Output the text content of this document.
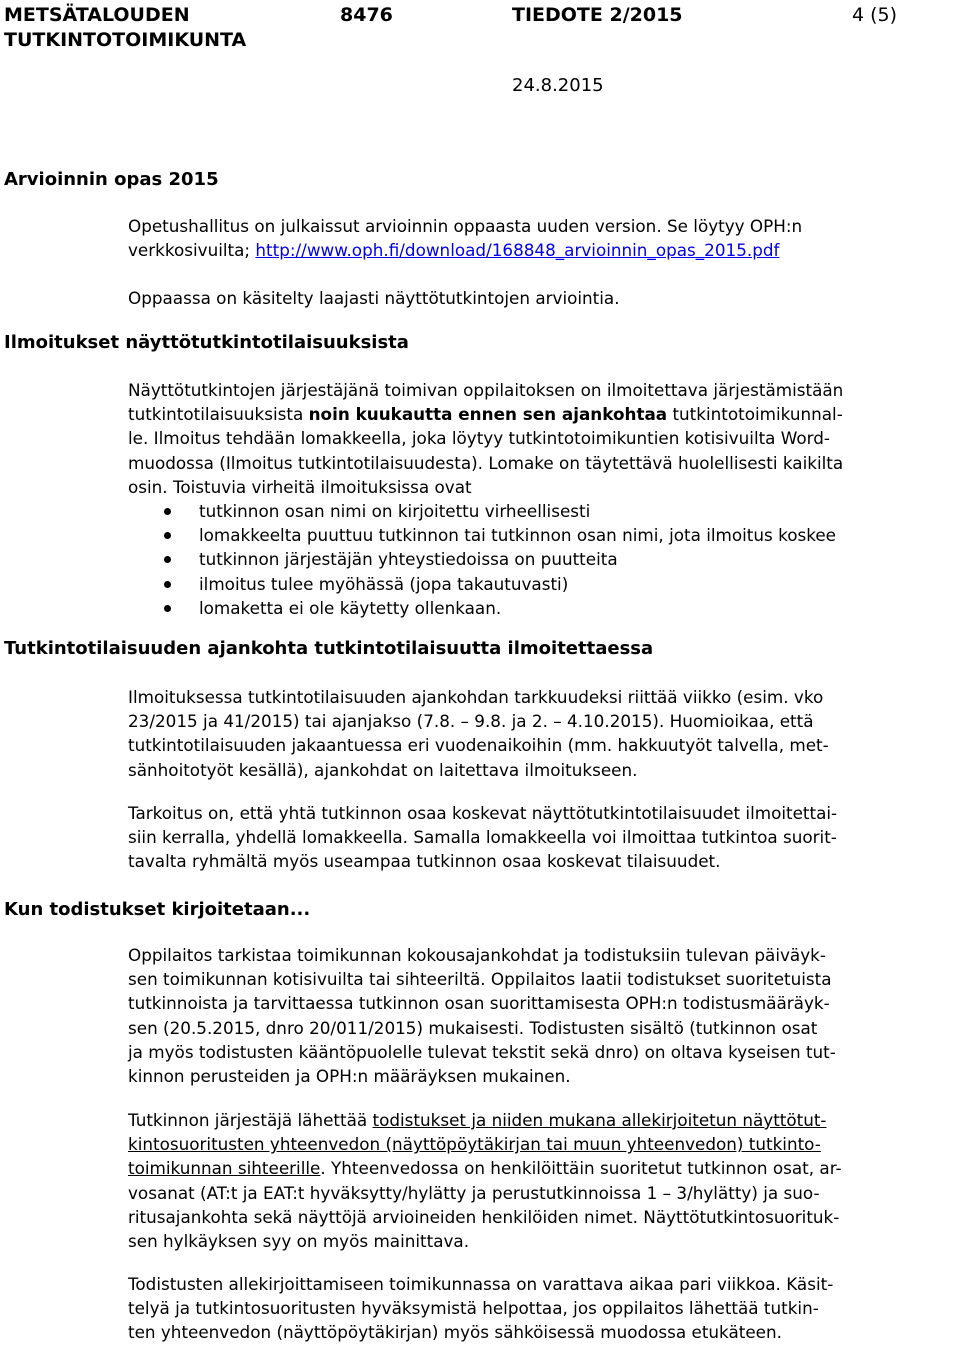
METSÄTALOUDEN
TUTKINTOTOIMIKUNTA
8476	TIEDOTE 2/2015	4 (5)
24.8.2015
Arvioinnin opas 2015
Opetushallitus on julkaissut arvioinnin oppaasta uuden version. Se löytyy OPH:n
verkkosivuilta; http://www.oph.fi/download/168848_arvioinnin_opas_2015.pdf
Oppaassa on käsitelty laajasti näyttötutkintojen arviointia.
Ilmoitukset näyttötutkintotilaisuuksista
Näyttötutkintojen järjestäjänä toimivan oppilaitoksen on ilmoitettava järjestämistään
tutkintotilaisuuksista noin kuukautta ennen sen ajankohtaa tutkintotoimikunnal-
le. Ilmoitus tehdään lomakkeella, joka löytyy tutkintotoimikuntien kotisivuilta Word-
muodossa (Ilmoitus tutkintotilaisuudesta). Lomake on täytettävä huolellisesti kaikilta
osin. Toistuvia virheitä ilmoituksissa ovat
tutkinnon osan nimi on kirjoitettu virheellisesti
lomakkeelta puuttuu tutkinnon tai tutkinnon osan nimi, jota ilmoitus koskee
tutkinnon järjestäjän yhteystiedoissa on puutteita
ilmoitus tulee myöhässä (jopa takautuvasti)
lomaketta ei ole käytetty ollenkaan.
Tutkintotilaisuuden ajankohta tutkintotilaisuutta ilmoitettaessa
Ilmoituksessa tutkintotilaisuuden ajankohdan tarkkuudeksi riittää viikko (esim. vko
23/2015 ja 41/2015) tai ajanjakso (7.8. – 9.8. ja 2. – 4.10.2015). Huomioikaa, että
tutkintotilaisuuden jakaantuessa eri vuodenaikoihin (mm. hakkuutyöt talvella, met-
sänhoitotyöt kesällä), ajankohdat on laitettava ilmoitukseen.
Tarkoitus on, että yhtä tutkinnon osaa koskevat näyttötutkintotilaisuudet ilmoitettai-
siin kerralla, yhdellä lomakkeella. Samalla lomakkeella voi ilmoittaa tutkintoa suorit-
tavalta ryhmältä myös useampaa tutkinnon osaa koskevat tilaisuudet.
Kun todistukset kirjoitetaan...
Oppilaitos tarkistaa toimikunnan kokousajankohdat ja todistuksiin tulevan päiväyk-
sen toimikunnan kotisivuilta tai sihteeriltä. Oppilaitos laatii todistukset suoritetuista
tutkinnoista ja tarvittaessa tutkinnon osan suorittamisesta OPH:n todistusmääräyk-
sen (20.5.2015, dnro 20/011/2015) mukaisesti. Todistusten sisältö (tutkinnon osat
ja myös todistusten kääntöpuolelle tulevat tekstit sekä dnro) on oltava kyseisen tut-
kinnon perusteiden ja OPH:n määräyksen mukainen.
Tutkinnon järjestäjä lähettää todistukset ja niiden mukana allekirjoitetun näyttötut-
kintosuoritusten yhteenvedon (näyttöpöytäkirjan tai muun yhteenvedon) tutkinto-
toimikunnan sihteerille. Yhteenvedossa on henkilöittäin suoritetut tutkinnon osat, ar-
vosanat (AT:t ja EAT:t hyväksytty/hylätty ja perustutkinnoissa 1 – 3/hylätty) ja suo-
ritusajankohta sekä näyttöjä arvioineiden henkilöiden nimet. Näyttötutkintosuorituk-
sen hylkäyksen syy on myös mainittava.
Todistusten allekirjoittamiseen toimikunnassa on varattava aikaa pari viikkoa. Käsit-
telyä ja tutkintosuoritusten hyväksymistä helpottaa, jos oppilaitos lähettää tutkin-
ten yhteenvedon (näyttöpöytäkirjan) myös sähköisessä muodossa etukäteen.
